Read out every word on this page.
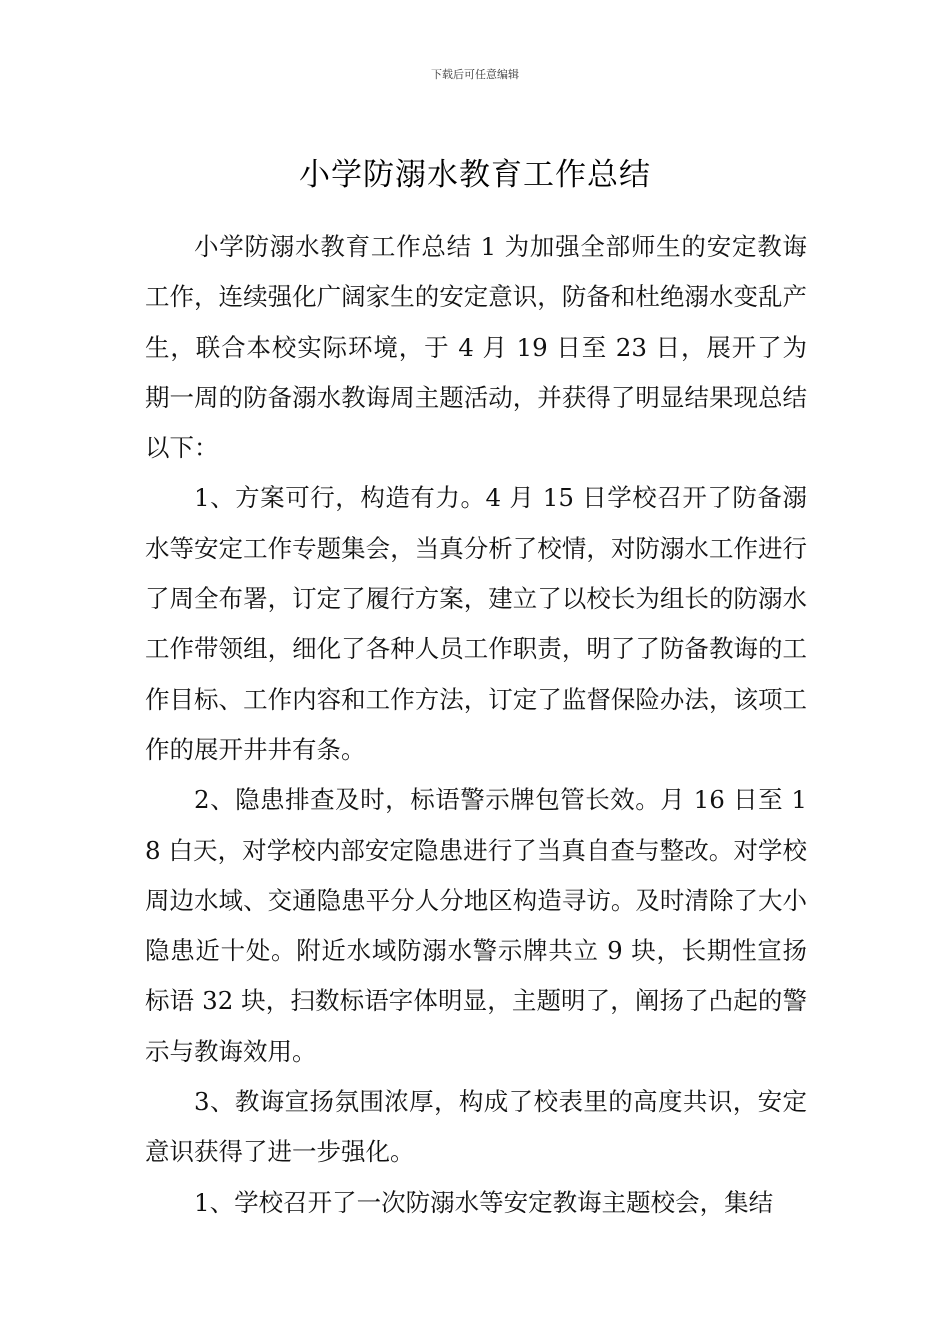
下载后可任意编辑
小学防溺水教育工作总结

小学防溺水教育工作总结 1 为加强全部师生的安定教诲工作，连续强化广阔家生的安定意识，防备和杜绝溺水变乱产生，联合本校实际环境，于 4 月 19 日至 23 日，展开了为期一周的防备溺水教诲周主题活动，并获得了明显结果现总结以下：

1、方案可行，构造有力。4 月 15 日学校召开了防备溺水等安定工作专题集会，当真分析了校情，对防溺水工作进行了周全布署，订定了履行方案，建立了以校长为组长的防溺水工作带领组，细化了各种人员工作职责，明了了防备教诲的工作目标、工作内容和工作方法，订定了监督保险办法，该项工作的展开井井有条。

2、隐患排查及时，标语警示牌包管长效。月 16 日至 18 白天，对学校内部安定隐患进行了当真自查与整改。对学校周边水域、交通隐患平分人分地区构造寻访。及时清除了大小隐患近十处。附近水域防溺水警示牌共立 9 块，长期性宣扬标语 32 块，扫数标语字体明显，主题明了，阐扬了凸起的警示与教诲效用。

3、教诲宣扬氛围浓厚，构成了校表里的高度共识，安定意识获得了进一步强化。

1、学校召开了一次防溺水等安定教诲主题校会，集结
